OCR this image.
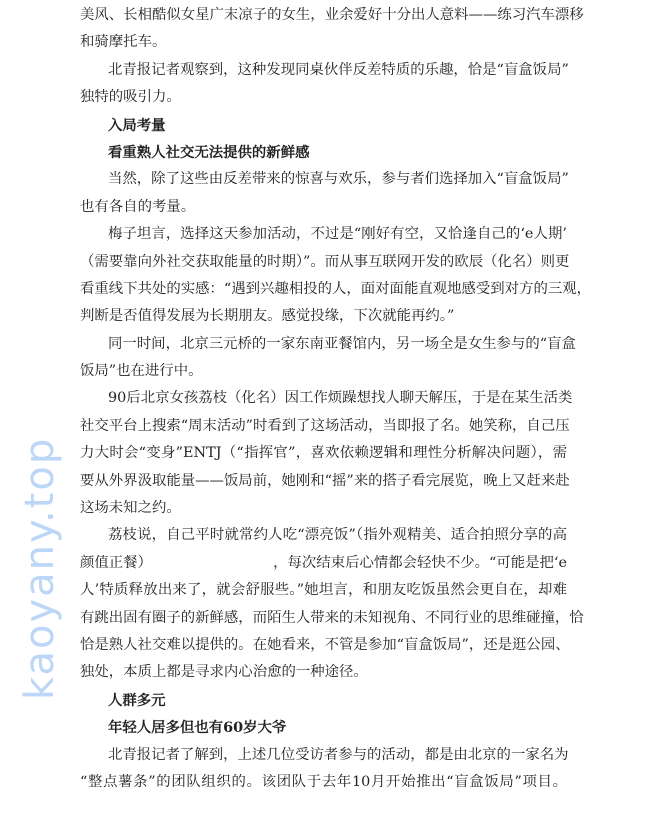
kaoyany.top
美风、长相酷似女星广末凉子的女生，业余爱好十分出人意料——练习汽车漂移
和骑摩托车。
北青报记者观察到，这种发现同桌伙伴反差特质的乐趣，恰是“盲盒饭局”
独特的吸引力。
入局考量
看重熟人社交无法提供的新鲜感
当然，除了这些由反差带来的惊喜与欢乐，参与者们选择加入“盲盒饭局”
也有各自的考量。
梅子坦言，选择这天参加活动，不过是“刚好有空，又恰逢自己的‘e人期’
（需要靠向外社交获取能量的时期）”。而从事互联网开发的欧辰（化名）则更
看重线下共处的实感：“遇到兴趣相投的人，面对面能直观地感受到对方的三观，
判断是否值得发展为长期朋友。感觉投缘，下次就能再约。”
同一时间，北京三元桥的一家东南亚餐馆内，另一场全是女生参与的“盲盒
饭局”也在进行中。
90后北京女孩荔枝（化名）因工作烦躁想找人聊天解压，于是在某生活类
社交平台上搜索“周末活动”时看到了这场活动，当即报了名。她笑称，自己压
力大时会“变身”ENTJ（“指挥官”，喜欢依赖逻辑和理性分析解决问题），需
要从外界汲取能量——饭局前，她刚和“摇”来的搭子看完展览，晚上又赶来赴
这场未知之约。
荔枝说，自己平时就常约人吃“漂亮饭”（指外观精美、适合拍照分享的高
颜值正餐）	，每次结束后心情都会轻快不少。“可能是把‘e
人’特质释放出来了，就会舒服些。”她坦言，和朋友吃饭虽然会更自在，却难
有跳出固有圈子的新鲜感，而陌生人带来的未知视角、不同行业的思维碰撞，恰
恰是熟人社交难以提供的。在她看来，不管是参加“盲盒饭局”，还是逛公园、
独处，本质上都是寻求内心治愈的一种途径。
人群多元
年轻人居多但也有60岁大爷
北青报记者了解到，上述几位受访者参与的活动，都是由北京的一家名为
“整点薯条”的团队组织的。该团队于去年10月开始推出“盲盒饭局”项目。
